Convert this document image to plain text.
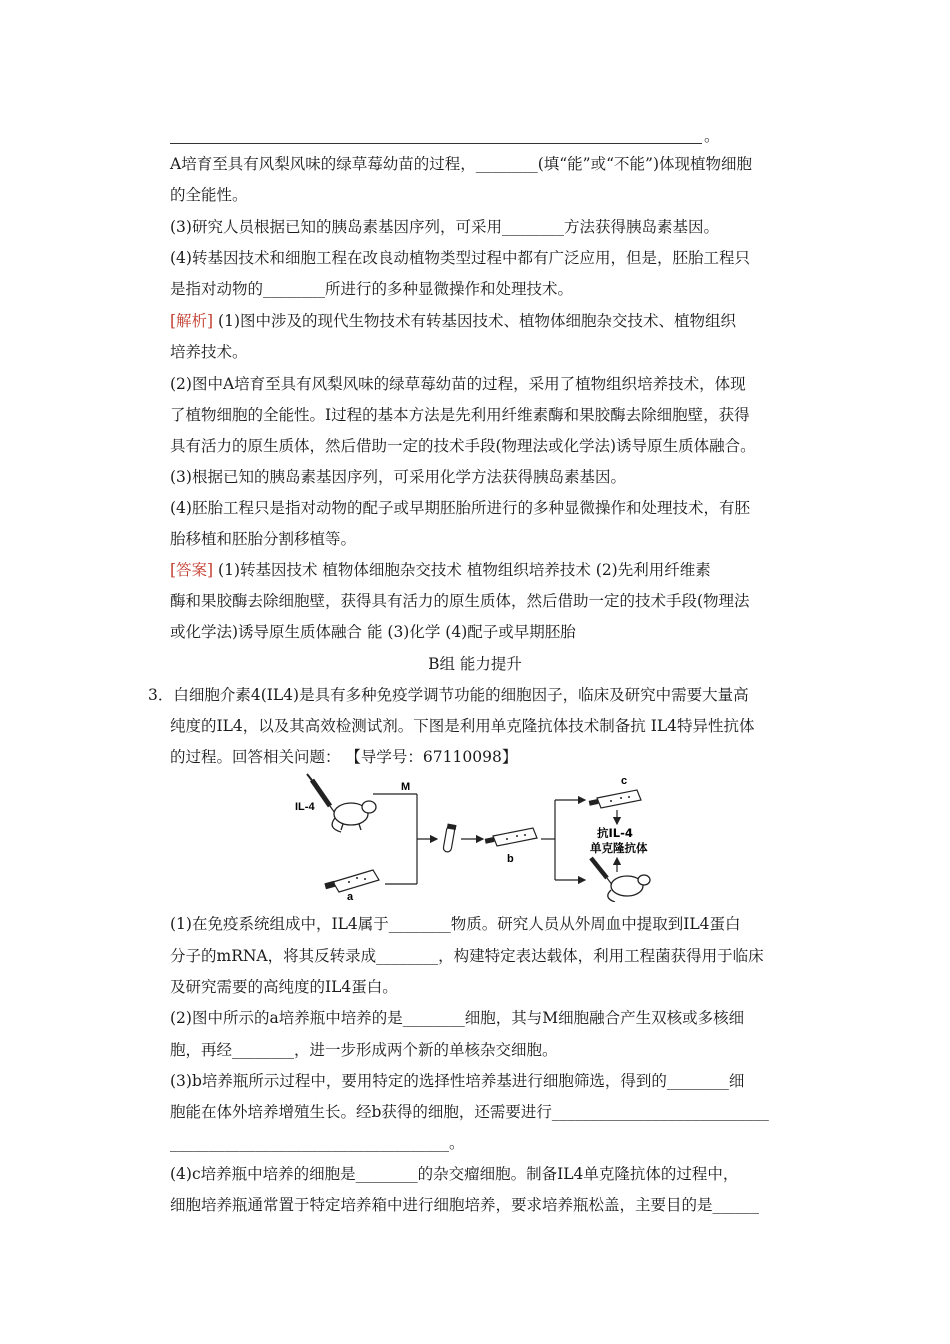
。
A培育至具有风梨风味的绿草莓幼苗的过程，________(填“能”或“不能”)体现植物细胞
的全能性。
(3)研究人员根据已知的胰岛素基因序列，可采用________方法获得胰岛素基因。
(4)转基因技术和细胞工程在改良动植物类型过程中都有广泛应用，但是，胚胎工程只
是指对动物的________所进行的多种显微操作和处理技术。
[解析] (1)图中涉及的现代生物技术有转基因技术、植物体细胞杂交技术、植物组织
培养技术。
(2)图中A培育至具有风梨风味的绿草莓幼苗的过程，采用了植物组织培养技术，体现
了植物细胞的全能性。Ⅰ过程的基本方法是先利用纤维素酶和果胶酶去除细胞壁，获得
具有活力的原生质体，然后借助一定的技术手段(物理法或化学法)诱导原生质体融合。
(3)根据已知的胰岛素基因序列，可采用化学方法获得胰岛素基因。
(4)胚胎工程只是指对动物的配子或早期胚胎所进行的多种显微操作和处理技术，有胚
胎移植和胚胎分割移植等。
[答案] (1)转基因技术 植物体细胞杂交技术 植物组织培养技术 (2)先利用纤维素
酶和果胶酶去除细胞壁，获得具有活力的原生质体，然后借助一定的技术手段(物理法
或化学法)诱导原生质体融合 能 (3)化学 (4)配子或早期胚胎
B组 能力提升
3．白细胞介素4(IL4)是具有多种免疫学调节功能的细胞因子，临床及研究中需要大量高
纯度的IL4，以及其高效检测试剂。下图是利用单克隆抗体技术制备抗 IL4特异性抗体
的过程。回答相关问题： 【导学号：67110098】
IL-4
M
a
b
c
抗IL-4
单克隆抗体
(1)在免疫系统组成中，IL4属于________物质。研究人员从外周血中提取到IL4蛋白
分子的mRNA，将其反转录成________，构建特定表达载体，利用工程菌获得用于临床
及研究需要的高纯度的IL4蛋白。
(2)图中所示的a培养瓶中培养的是________细胞，其与M细胞融合产生双核或多核细
胞，再经________，进一步形成两个新的单核杂交细胞。
(3)b培养瓶所示过程中，要用特定的选择性培养基进行细胞筛选，得到的________细
胞能在体外培养增殖生长。经b获得的细胞，还需要进行____________________________
____________________________________。
(4)c培养瓶中培养的细胞是________的杂交瘤细胞。制备IL4单克隆抗体的过程中，
细胞培养瓶通常置于特定培养箱中进行细胞培养，要求培养瓶松盖，主要目的是______
